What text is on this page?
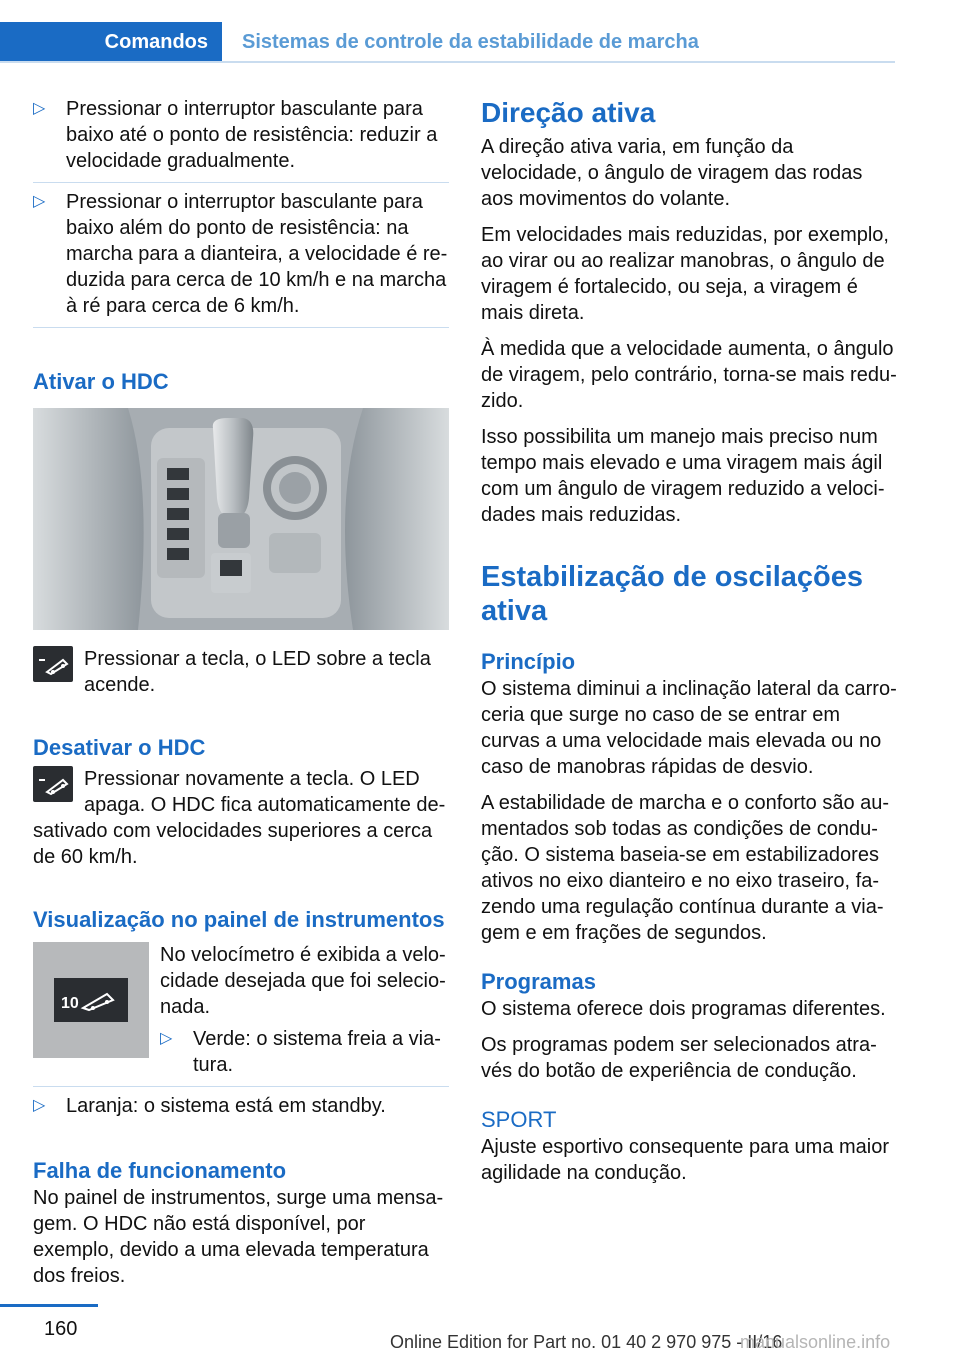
Comandos	Sistemas de controle da estabilidade de marcha
▷	Pressionar o interruptor basculante para baixo até o ponto de resistência: reduzir a velocidade gradualmente.
▷	Pressionar o interruptor basculante para baixo além do ponto de resistência: na marcha para a dianteira, a velocidade é reduzida para cerca de 10 km/h e na marcha à ré para cerca de 6 km/h.
Ativar o HDC
Pressionar a tecla, o LED sobre a tecla acende.
Desativar o HDC
Pressionar novamente a tecla. O LED apaga. O HDC fica automaticamente desativado com velocidades superiores a cerca de 60 km/h.
Visualização no painel de instrumentos
10

No velocímetro é exibida a velocidade desejada que foi selecionada.

▷	Verde: o sistema freia a viatura.
▷	Laranja: o sistema está em standby.
Falha de funcionamento

No painel de instrumentos, surge uma mensagem. O HDC não está disponível, por exemplo, devido a uma elevada temperatura dos freios.

Direção ativa

A direção ativa varia, em função da velocidade, o ângulo de viragem das rodas aos movimentos do volante.

Em velocidades mais reduzidas, por exemplo, ao virar ou ao realizar manobras, o ângulo de viragem é fortalecido, ou seja, a viragem é mais direta.

À medida que a velocidade aumenta, o ângulo de viragem, pelo contrário, torna-se mais reduzido.

Isso possibilita um manejo mais preciso num tempo mais elevado e uma viragem mais ágil com um ângulo de viragem reduzido a velocidades mais reduzidas.

Estabilização de oscilações ativa
Princípio

O sistema diminui a inclinação lateral da carroceria que surge no caso de se entrar em curvas a uma velocidade mais elevada ou no caso de manobras rápidas de desvio.

A estabilidade de marcha e o conforto são aumentados sob todas as condições de condução. O sistema baseia-se em estabilizadores ativos no eixo dianteiro e no eixo traseiro, fazendo uma regulação contínua durante a viagem e em frações de segundos.

Programas

O sistema oferece dois programas diferentes.

Os programas podem ser selecionados através do botão de experiência de condução.

SPORT

Ajuste esportivo consequente para uma maior agilidade na condução.

160
Online Edition for Part no. 01 40 2 970 975 - II/16
manualsonline.info
